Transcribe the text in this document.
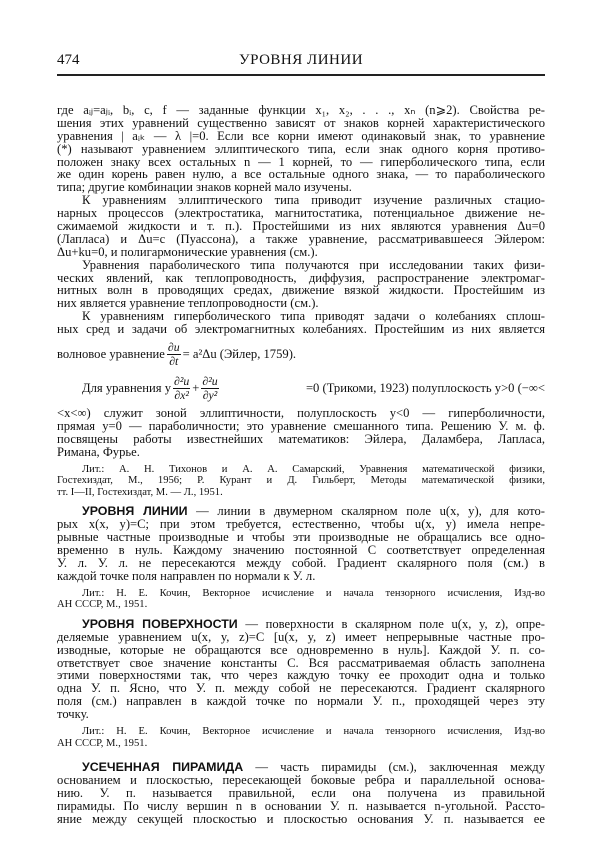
474	УРОВНЯ ЛИНИИ
где aᵢⱼ=aⱼᵢ, bᵢ, c, f — заданные функции x₁, x₂, . . ., xₙ (n⩾2). Свойства ре-
шения этих уравнений существенно зависят от знаков корней характеристического
уравнения | aᵢₖ — λ |=0. Если все корни имеют одинаковый знак, то уравнение
(*) называют уравнением эллиптического типа, если знак одного корня противо-
положен знаку всех остальных n — 1 корней, то — гиперболического типа, если
же один корень равен нулю, а все остальные одного знака, — то параболического
типа; другие комбинации знаков корней мало изучены.
К уравнениям эллиптического типа приводит изучение различных стацио-
нарных процессов (электростатика, магнитостатика, потенциальное движение не-
сжимаемой жидкости и т. п.). Простейшими из них являются уравнения Δu=0
(Лапласа) и Δu=c (Пуассона), а также уравнение, рассматривавшееся Эйлером:
Δu+ku=0, и полигармонические уравнения (см.).
Уравнения параболического типа получаются при исследовании таких физи-
ческих явлений, как теплопроводность, диффузия, распространение электромаг-
нитных волн в проводящих средах, движение вязкой жидкости. Простейшим из
них является уравнение теплопроводности (см.).
К уравнениям гиперболического типа приводят задачи о колебаниях сплош-
ных сред и задачи об электромагнитных колебаниях. Простейшим из них является
волновое уравнение $\frac{\partial u}{\partial t} = a^2\Delta u$ (Эйлер, 1759).
Для уравнения y $\frac{\text{∂²u}}{\text{∂x²}} + \frac{\text{∂²u}}{\text{∂y²}}$	=0 (Трикоми, 1923) полуплоскость y>0 (−∞<
<x<∞) служит зоной эллиптичности, полуплоскость y<0 — гиперболичности,
прямая y=0 — параболичности; это уравнение смешанного типа. Решению У. м. ф.
посвящены работы известнейших математиков: Эйлера, Даламбера, Лапласа,
Римана, Фурье.
Лит.: А. Н. Тихонов и А. А. Самарский, Уравнения математической физики,
Гостехиздат, М., 1956; Р. Курант и Д. Гильберт, Методы математической физики,
тт. I—II, Гостехиздат, М. — Л., 1951.
УРОВНЯ ЛИНИИ — линии в двумерном скалярном поле u(x, y), для кото-
рых x(x, y)=C; при этом требуется, естественно, чтобы u(x, y) имела непре-
рывные частные производные и чтобы эти производные не обращались все одно-
временно в нуль. Каждому значению постоянной C соответствует определенная
У. л. У. л. не пересекаются между собой. Градиент скалярного поля (см.) в
каждой точке поля направлен по нормали к У. л.
Лит.: Н. Е. Кочин, Векторное исчисление и начала тензорного исчисления, Изд-во
АН СССР, М., 1951.
УРОВНЯ ПОВЕРХНОСТИ — поверхности в скалярном поле u(x, y, z), опре-
деляемые уравнением u(x, y, z)=C [u(x, y, z) имеет непрерывные частные про-
изводные, которые не обращаются все одновременно в нуль]. Каждой У. п. со-
ответствует свое значение константы C. Вся рассматриваемая область заполнена
этими поверхностями так, что через каждую точку ее проходит одна и только
одна У. п. Ясно, что У. п. между собой не пересекаются. Градиент скалярного
поля (см.) направлен в каждой точке по нормали У. п., проходящей через эту
точку.
Лит.: Н. Е. Кочин, Векторное исчисление и начала тензорного исчисления, Изд-во
АН СССР, М., 1951.
УСЕЧЕННАЯ ПИРАМИДА — часть пирамиды (см.), заключенная между
основанием и плоскостью, пересекающей боковые ребра и параллельной основа-
нию. У. п. называется правильной, если она получена из правильной
пирамиды. По числу вершин n в основании У. п. называется n-угольной. Рассто-
яние между секущей плоскостью и плоскостью основания У. п. называется ее
